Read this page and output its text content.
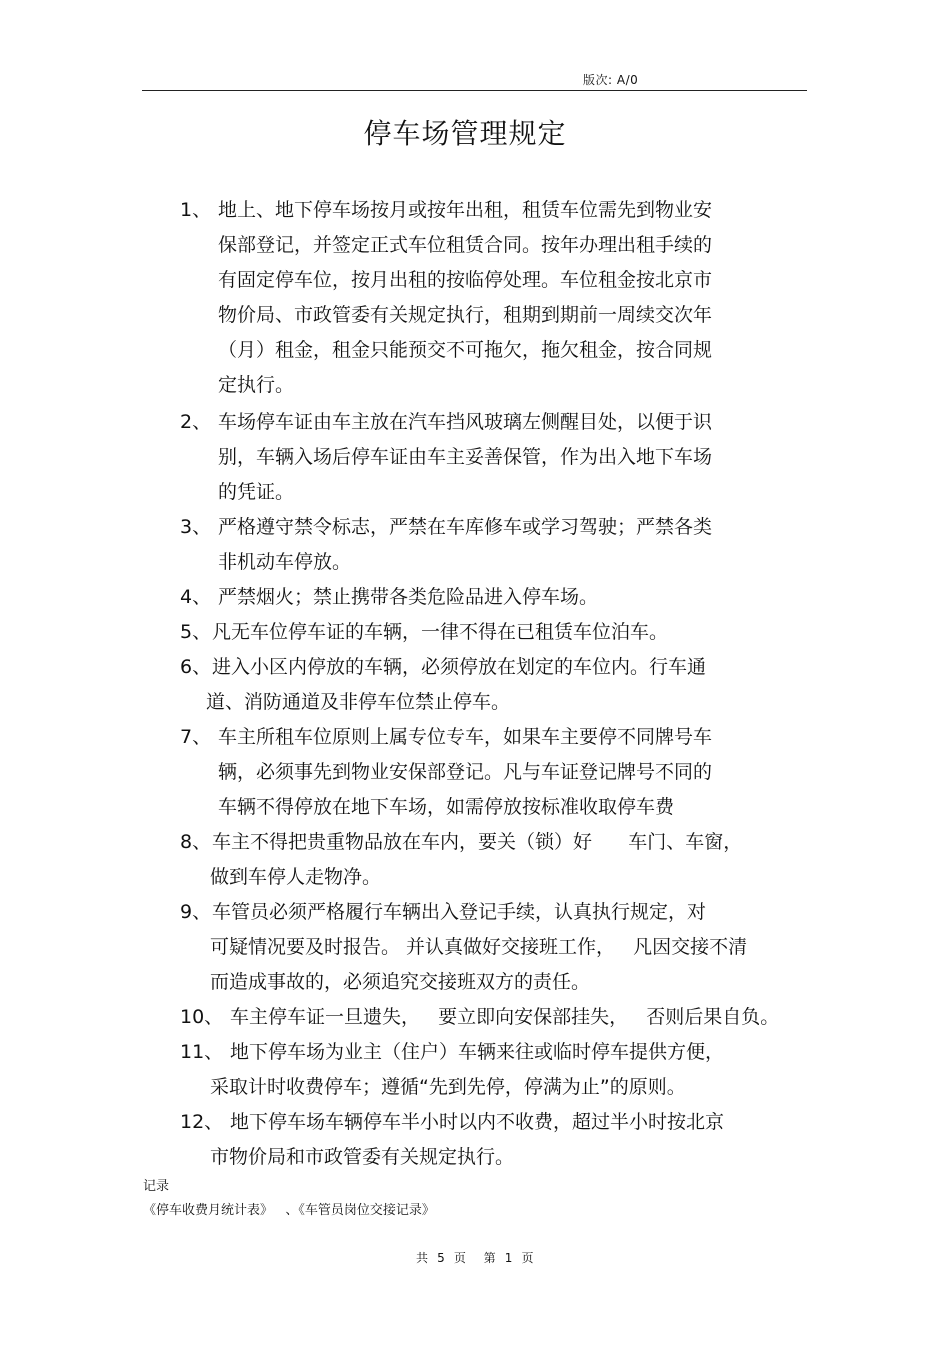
版次: A/0
停车场管理规定
1、 地上、地下停车场按月或按年出租，租赁车位需先到物业安
保部登记，并签定正式车位租赁合同。按年办理出租手续的
有固定停车位，按月出租的按临停处理。车位租金按北京市
物价局、市政管委有关规定执行，租期到期前一周续交次年
（月）租金，租金只能预交不可拖欠，拖欠租金，按合同规
定执行。
2、 车场停车证由车主放在汽车挡风玻璃左侧醒目处，以便于识
别，车辆入场后停车证由车主妥善保管，作为出入地下车场
的凭证。
3、 严格遵守禁令标志，严禁在车库修车或学习驾驶；严禁各类
非机动车停放。
4、 严禁烟火；禁止携带各类危险品进入停车场。
5、 凡无车位停车证的车辆，一律不得在已租赁车位泊车。
6、 进入小区内停放的车辆，必须停放在划定的车位内。行车通
道、消防通道及非停车位禁止停车。
7、 车主所租车位原则上属专位专车，如果车主要停不同牌号车
辆，必须事先到物业安保部登记。凡与车证登记牌号不同的
车辆不得停放在地下车场，如需停放按标准收取停车费
8、 车主不得把贵重物品放在车内，要关（锁）好      车门、车窗，
做到车停人走物净。
9、 车管员必须严格履行车辆出入登记手续，认真执行规定，对
可疑情况要及时报告。 并认真做好交接班工作，   凡因交接不清
而造成事故的，必须追究交接班双方的责任。
10、 车主停车证一旦遗失，   要立即向安保部挂失，   否则后果自负。
11、 地下停车场为业主（住户）车辆来往或临时停车提供方便，
采取计时收费停车；遵循“先到先停，停满为止”的原则。
12、 地下停车场车辆停车半小时以内不收费，超过半小时按北京
市物价局和市政管委有关规定执行。
记录
《停车收费月统计表》   、《车管员岗位交接记录》
共  5  页    第  1  页
